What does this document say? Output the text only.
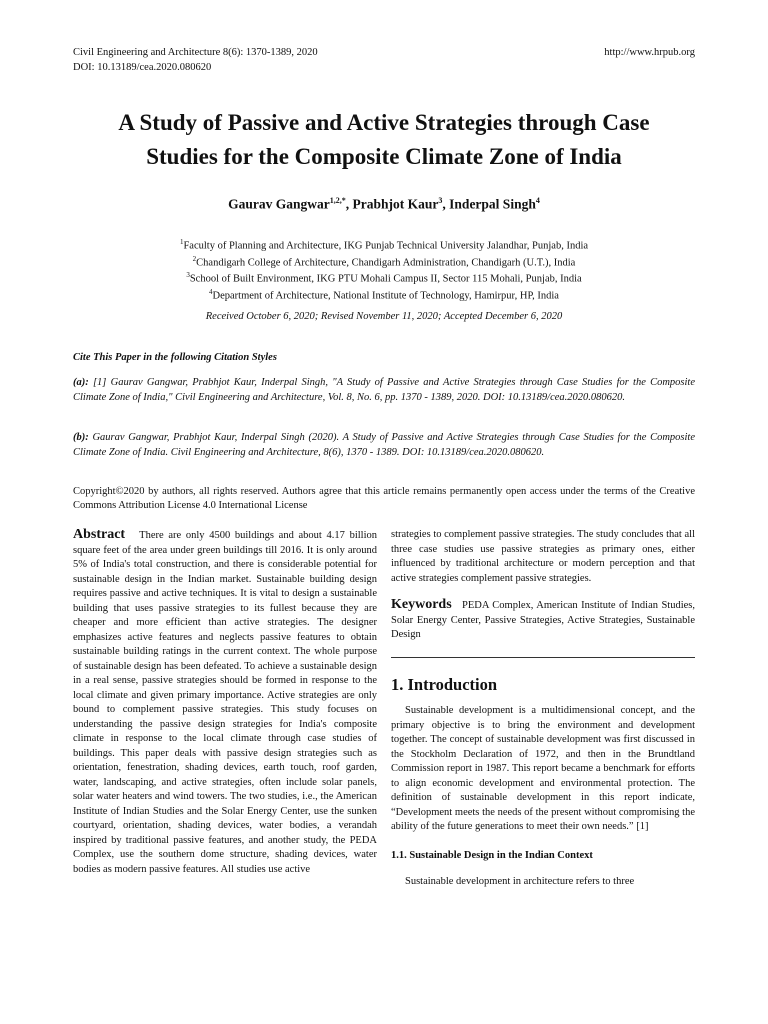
Civil Engineering and Architecture 8(6): 1370-1389, 2020
DOI: 10.13189/cea.2020.080620
http://www.hrpub.org
A Study of Passive and Active Strategies through Case
Studies for the Composite Climate Zone of India
Gaurav Gangwar$^{1,2,*}$, Prabhjot Kaur$^3$, Inderpal Singh$^4$
$^1$Faculty of Planning and Architecture, IKG Punjab Technical University Jalandhar, Punjab, India
$^2$Chandigarh College of Architecture, Chandigarh Administration, Chandigarh (U.T.), India
$^3$School of Built Environment, IKG PTU Mohali Campus II, Sector 115 Mohali, Punjab, India
$^4$Department of Architecture, National Institute of Technology, Hamirpur, HP, India
Received October 6, 2020; Revised November 11, 2020; Accepted December 6, 2020
Cite This Paper in the following Citation Styles
(a): [1] Gaurav Gangwar, Prabhjot Kaur, Inderpal Singh, "A Study of Passive and Active Strategies through Case Studies for the Composite Climate Zone of India," Civil Engineering and Architecture, Vol. 8, No. 6, pp. 1370 - 1389, 2020. DOI: 10.13189/cea.2020.080620.
(b): Gaurav Gangwar, Prabhjot Kaur, Inderpal Singh (2020). A Study of Passive and Active Strategies through Case Studies for the Composite Climate Zone of India. Civil Engineering and Architecture, 8(6), 1370 - 1389. DOI: 10.13189/cea.2020.080620.
Copyright©2020 by authors, all rights reserved. Authors agree that this article remains permanently open access under the terms of the Creative Commons Attribution License 4.0 International License
Abstract There are only 4500 buildings and about 4.17 billion square feet of the area under green buildings till 2016. It is only around 5% of India's total construction, and there is considerable potential for sustainable design in the Indian market. Sustainable building design requires passive and active techniques. It is vital to design a sustainable building that uses passive strategies to its fullest because they are cheaper and more efficient than active strategies. The designer emphasizes active features and neglects passive features to obtain sustainable building ratings in the current context. The whole purpose of sustainable design has been defeated. To achieve a sustainable design in a real sense, passive strategies should be formed in response to the local climate and given primary importance. Active strategies are only bound to complement passive strategies. This study focuses on understanding the passive design strategies for India's composite climate in response to the local climate through case studies of buildings. This paper deals with passive design strategies such as orientation, fenestration, shading devices, earth touch, roof garden, water, landscaping, and active strategies, often include solar panels, solar water heaters and wind towers. The two studies, i.e., the American Institute of Indian Studies and the Solar Energy Center, use the sunken courtyard, orientation, shading devices, water bodies, a verandah inspired by traditional passive features, and another study, the PEDA Complex, use the southern dome structure, shading devices, water bodies as modern passive features. All studies use active
strategies to complement passive strategies. The study concludes that all three case studies use passive strategies as primary ones, either influenced by traditional architecture or modern perception and that active strategies complement passive strategies.
Keywords PEDA Complex, American Institute of Indian Studies, Solar Energy Center, Passive Strategies, Active Strategies, Sustainable Design
1. Introduction

Sustainable development is a multidimensional concept, and the primary objective is to bring the environment and development together. The concept of sustainable development was first discussed in the Stockholm Declaration of 1972, and then in the Brundtland Commission report in 1987. This report became a benchmark for efforts to align economic development and environmental protection. The definition of sustainable development in this report indicate, “Development meets the needs of the present without compromising the ability of the future generations to meet their own needs.” [1]

1.1. Sustainable Design in the Indian Context

Sustainable development in architecture refers to three
